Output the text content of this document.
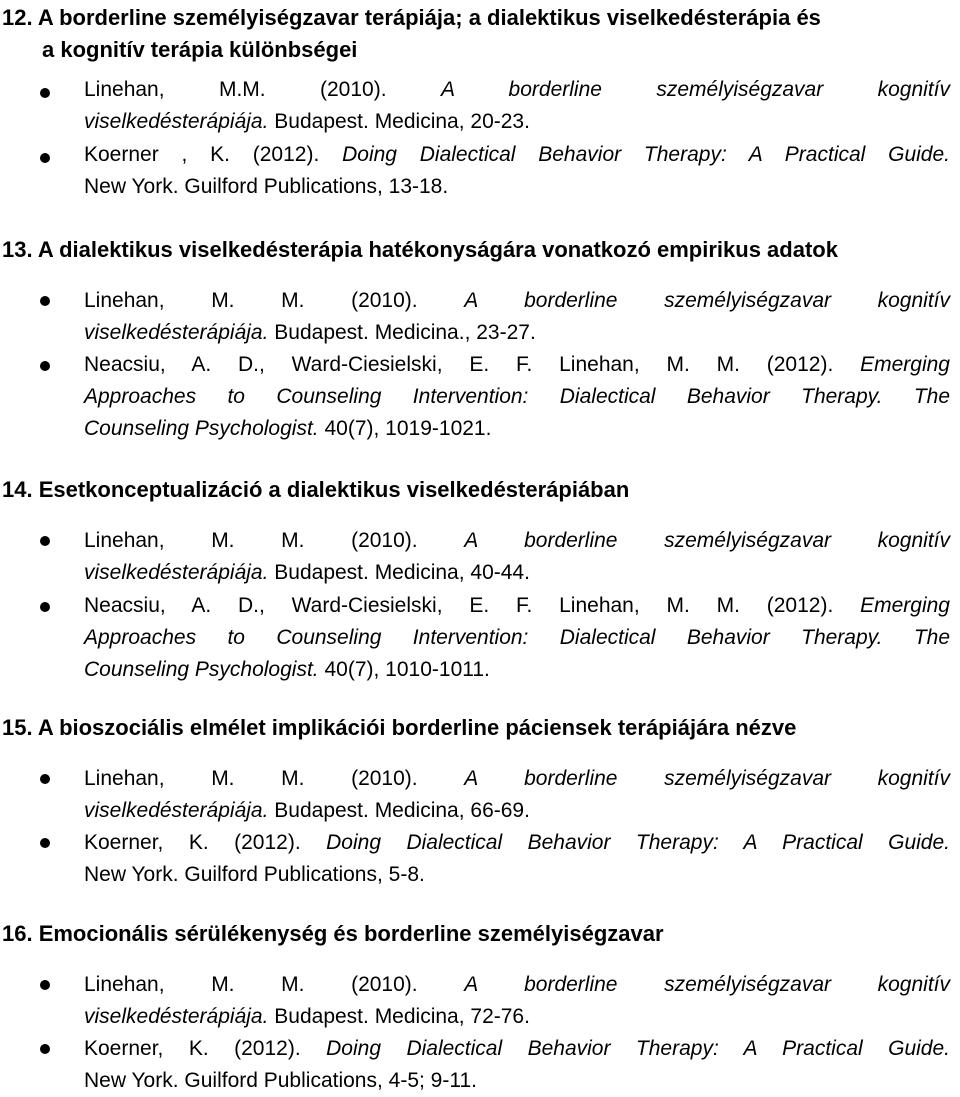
12. A borderline személyiségzavar terápiája; a dialektikus viselkedésterápia és
a kognitív terápia különbségei
Linehan, M.M. (2010).	A borderline személyiségzavar kognitív
viselkedésterápiája. Budapest. Medicina, 20-23.
Koerner , K. (2012). Doing Dialectical Behavior Therapy: A Practical Guide.
New York. Guilford Publications, 13-18.
13. A dialektikus viselkedésterápia hatékonyságára vonatkozó empirikus adatok
Linehan, M. M. (2010). A borderline személyiségzavar kognitív
viselkedésterápiája. Budapest. Medicina., 23-27.
Neacsiu, A. D., Ward-Ciesielski, E. F. Linehan, M. M. (2012). Emerging
Approaches to Counseling Intervention: Dialectical Behavior Therapy. The
Counseling Psychologist. 40(7), 1019-1021.
14. Esetkonceptualizáció a dialektikus viselkedésterápiában
Linehan, M. M. (2010). A borderline személyiségzavar kognitív
viselkedésterápiája. Budapest. Medicina, 40-44.
Neacsiu, A. D., Ward-Ciesielski, E. F. Linehan, M. M. (2012). Emerging
Approaches to Counseling Intervention: Dialectical Behavior Therapy. The
Counseling Psychologist. 40(7), 1010-1011.
15. A bioszociális elmélet implikációi borderline páciensek terápiájára nézve
Linehan, M. M. (2010). A borderline személyiségzavar kognitív
viselkedésterápiája. Budapest. Medicina, 66-69.
Koerner, K. (2012). Doing Dialectical Behavior Therapy: A Practical Guide.
New York. Guilford Publications, 5-8.
16. Emocionális sérülékenység és borderline személyiségzavar
Linehan, M. M. (2010). A borderline személyiségzavar kognitív
viselkedésterápiája. Budapest. Medicina, 72-76.
Koerner, K. (2012). Doing Dialectical Behavior Therapy: A Practical Guide.
New York. Guilford Publications, 4-5; 9-11.
